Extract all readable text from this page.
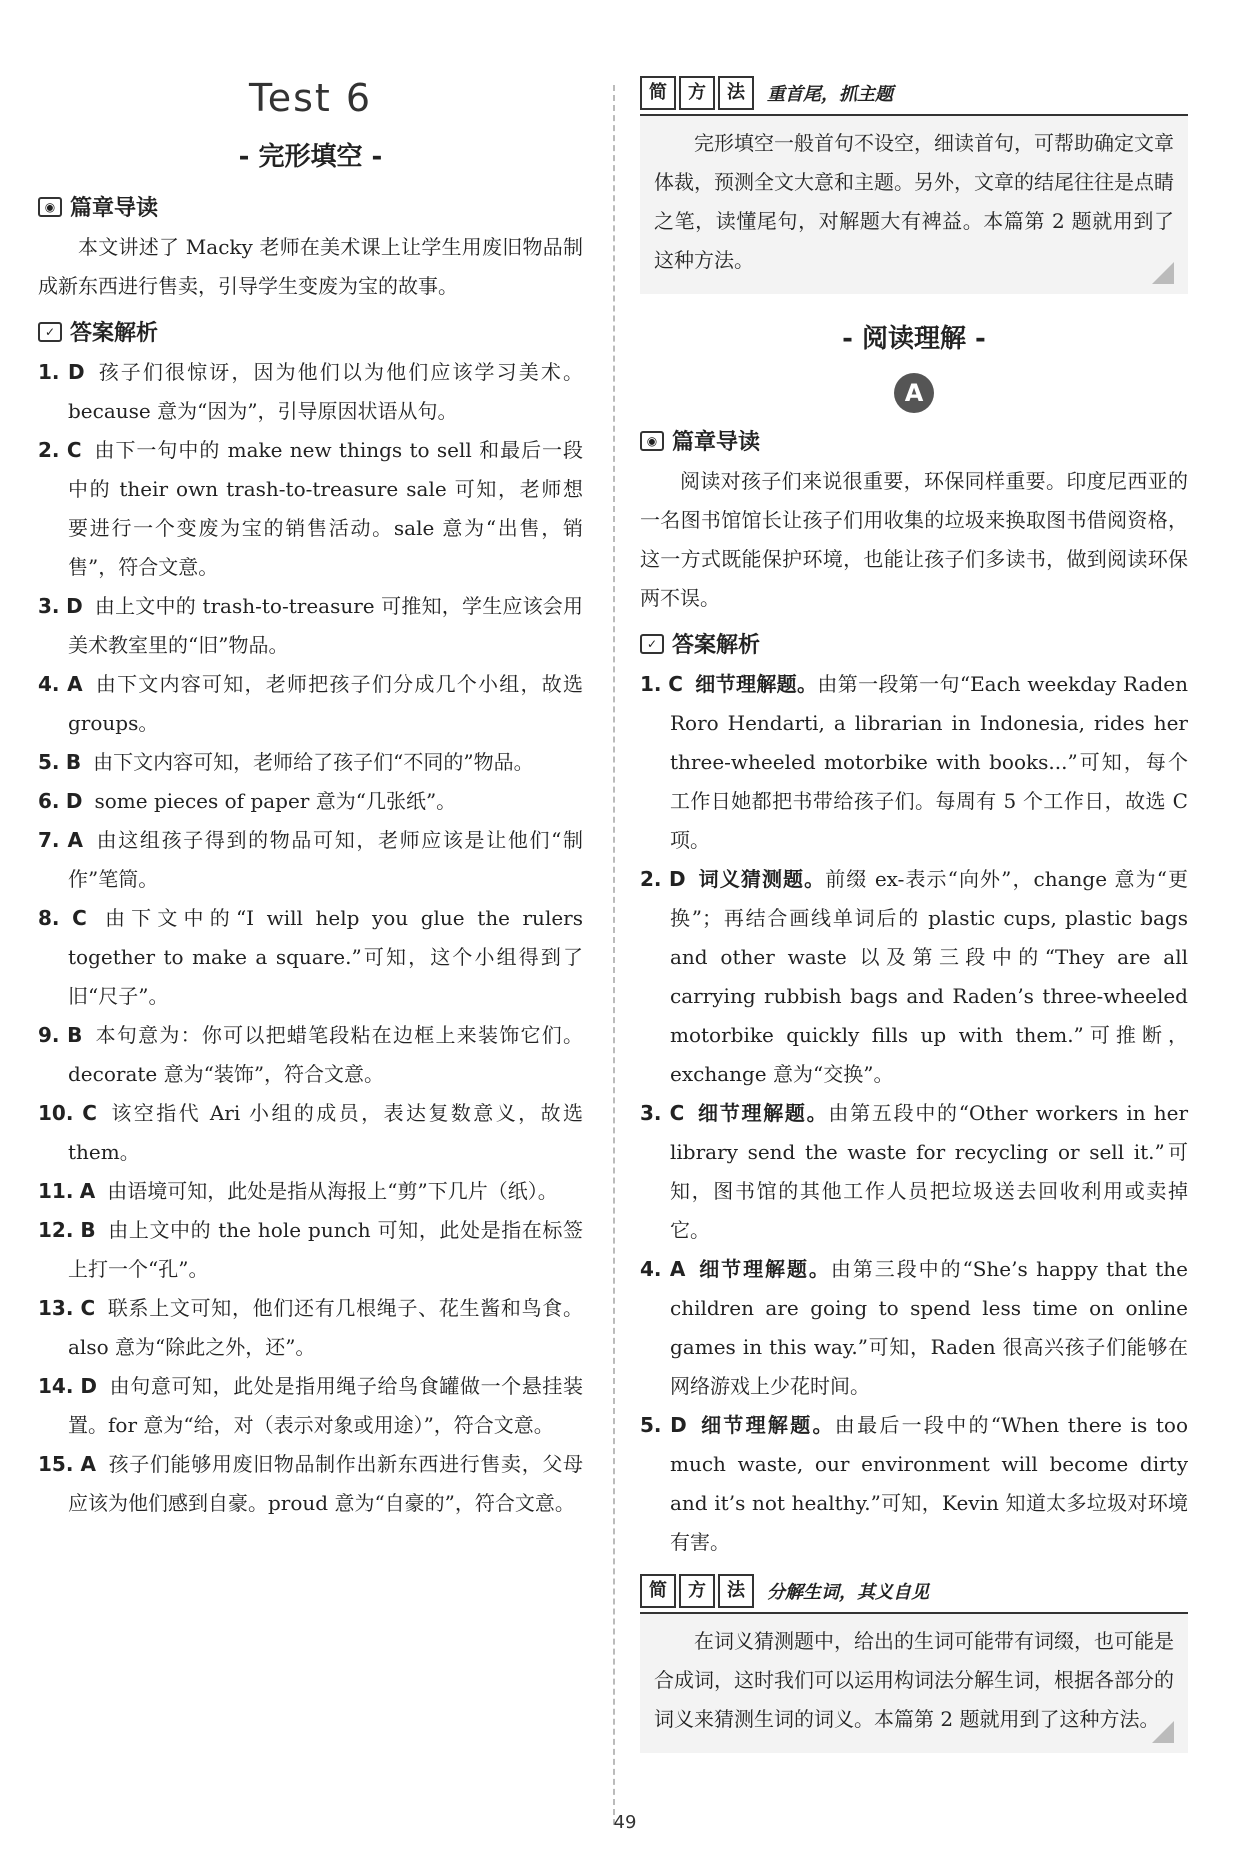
Test 6
- 完形填空 -
◉ 篇章导读

本文讲述了 Macky 老师在美术课上让学生用废旧物品制成新东西进行售卖，引导学生变废为宝的故事。

✓ 答案解析

1. D 孩子们很惊讶，因为他们以为他们应该学习美术。because 意为“因为”，引导原因状语从句。

2. C 由下一句中的 make new things to sell 和最后一段中的 their own trash-to-treasure sale 可知，老师想要进行一个变废为宝的销售活动。sale 意为“出售，销售”，符合文意。

3. D 由上文中的 trash-to-treasure 可推知，学生应该会用美术教室里的“旧”物品。

4. A 由下文内容可知，老师把孩子们分成几个小组，故选 groups。

5. B 由下文内容可知，老师给了孩子们“不同的”物品。

6. D some pieces of paper 意为“几张纸”。

7. A 由这组孩子得到的物品可知，老师应该是让他们“制作”笔筒。

8. C 由下文中的“I will help you glue the rulers together to make a square.”可知，这个小组得到了旧“尺子”。

9. B 本句意为：你可以把蜡笔段粘在边框上来装饰它们。decorate 意为“装饰”，符合文意。

10. C 该空指代 Ari 小组的成员，表达复数意义，故选 them。

11. A 由语境可知，此处是指从海报上“剪”下几片（纸）。

12. B 由上文中的 the hole punch 可知，此处是指在标签上打一个“孔”。

13. C 联系上文可知，他们还有几根绳子、花生酱和鸟食。also 意为“除此之外，还”。

14. D 由句意可知，此处是指用绳子给鸟食罐做一个悬挂装置。for 意为“给，对（表示对象或用途）”，符合文意。

15. A 孩子们能够用废旧物品制作出新东西进行售卖，父母应该为他们感到自豪。proud 意为“自豪的”，符合文意。

简	方	法	重首尾，抓主题
完形填空一般首句不设空，细读首句，可帮助确定文章体裁，预测全文大意和主题。另外，文章的结尾往往是点睛之笔，读懂尾句，对解题大有裨益。本篇第 2 题就用到了这种方法。
- 阅读理解 -
A
◉ 篇章导读

阅读对孩子们来说很重要，环保同样重要。印度尼西亚的一名图书馆馆长让孩子们用收集的垃圾来换取图书借阅资格，这一方式既能保护环境，也能让孩子们多读书，做到阅读环保两不误。

✓ 答案解析

1. C 细节理解题。由第一段第一句“Each weekday Raden Roro Hendarti, a librarian in Indonesia, rides her three-wheeled motorbike with books...”可知，每个工作日她都把书带给孩子们。每周有 5 个工作日，故选 C 项。

2. D 词义猜测题。前缀 ex-表示“向外”，change 意为“更换”；再结合画线单词后的 plastic cups, plastic bags and other waste 以及第三段中的“They are all carrying rubbish bags and Raden’s three-wheeled motorbike quickly fills up with them.”可推断，exchange 意为“交换”。

3. C 细节理解题。由第五段中的“Other workers in her library send the waste for recycling or sell it.”可知，图书馆的其他工作人员把垃圾送去回收利用或卖掉它。

4. A 细节理解题。由第三段中的“She’s happy that the children are going to spend less time on online games in this way.”可知，Raden 很高兴孩子们能够在网络游戏上少花时间。

5. D 细节理解题。由最后一段中的“When there is too much waste, our environment will become dirty and it’s not healthy.”可知，Kevin 知道太多垃圾对环境有害。

简	方	法	分解生词，其义自见
在词义猜测题中，给出的生词可能带有词缀，也可能是合成词，这时我们可以运用构词法分解生词，根据各部分的词义来猜测生词的词义。本篇第 2 题就用到了这种方法。
49
